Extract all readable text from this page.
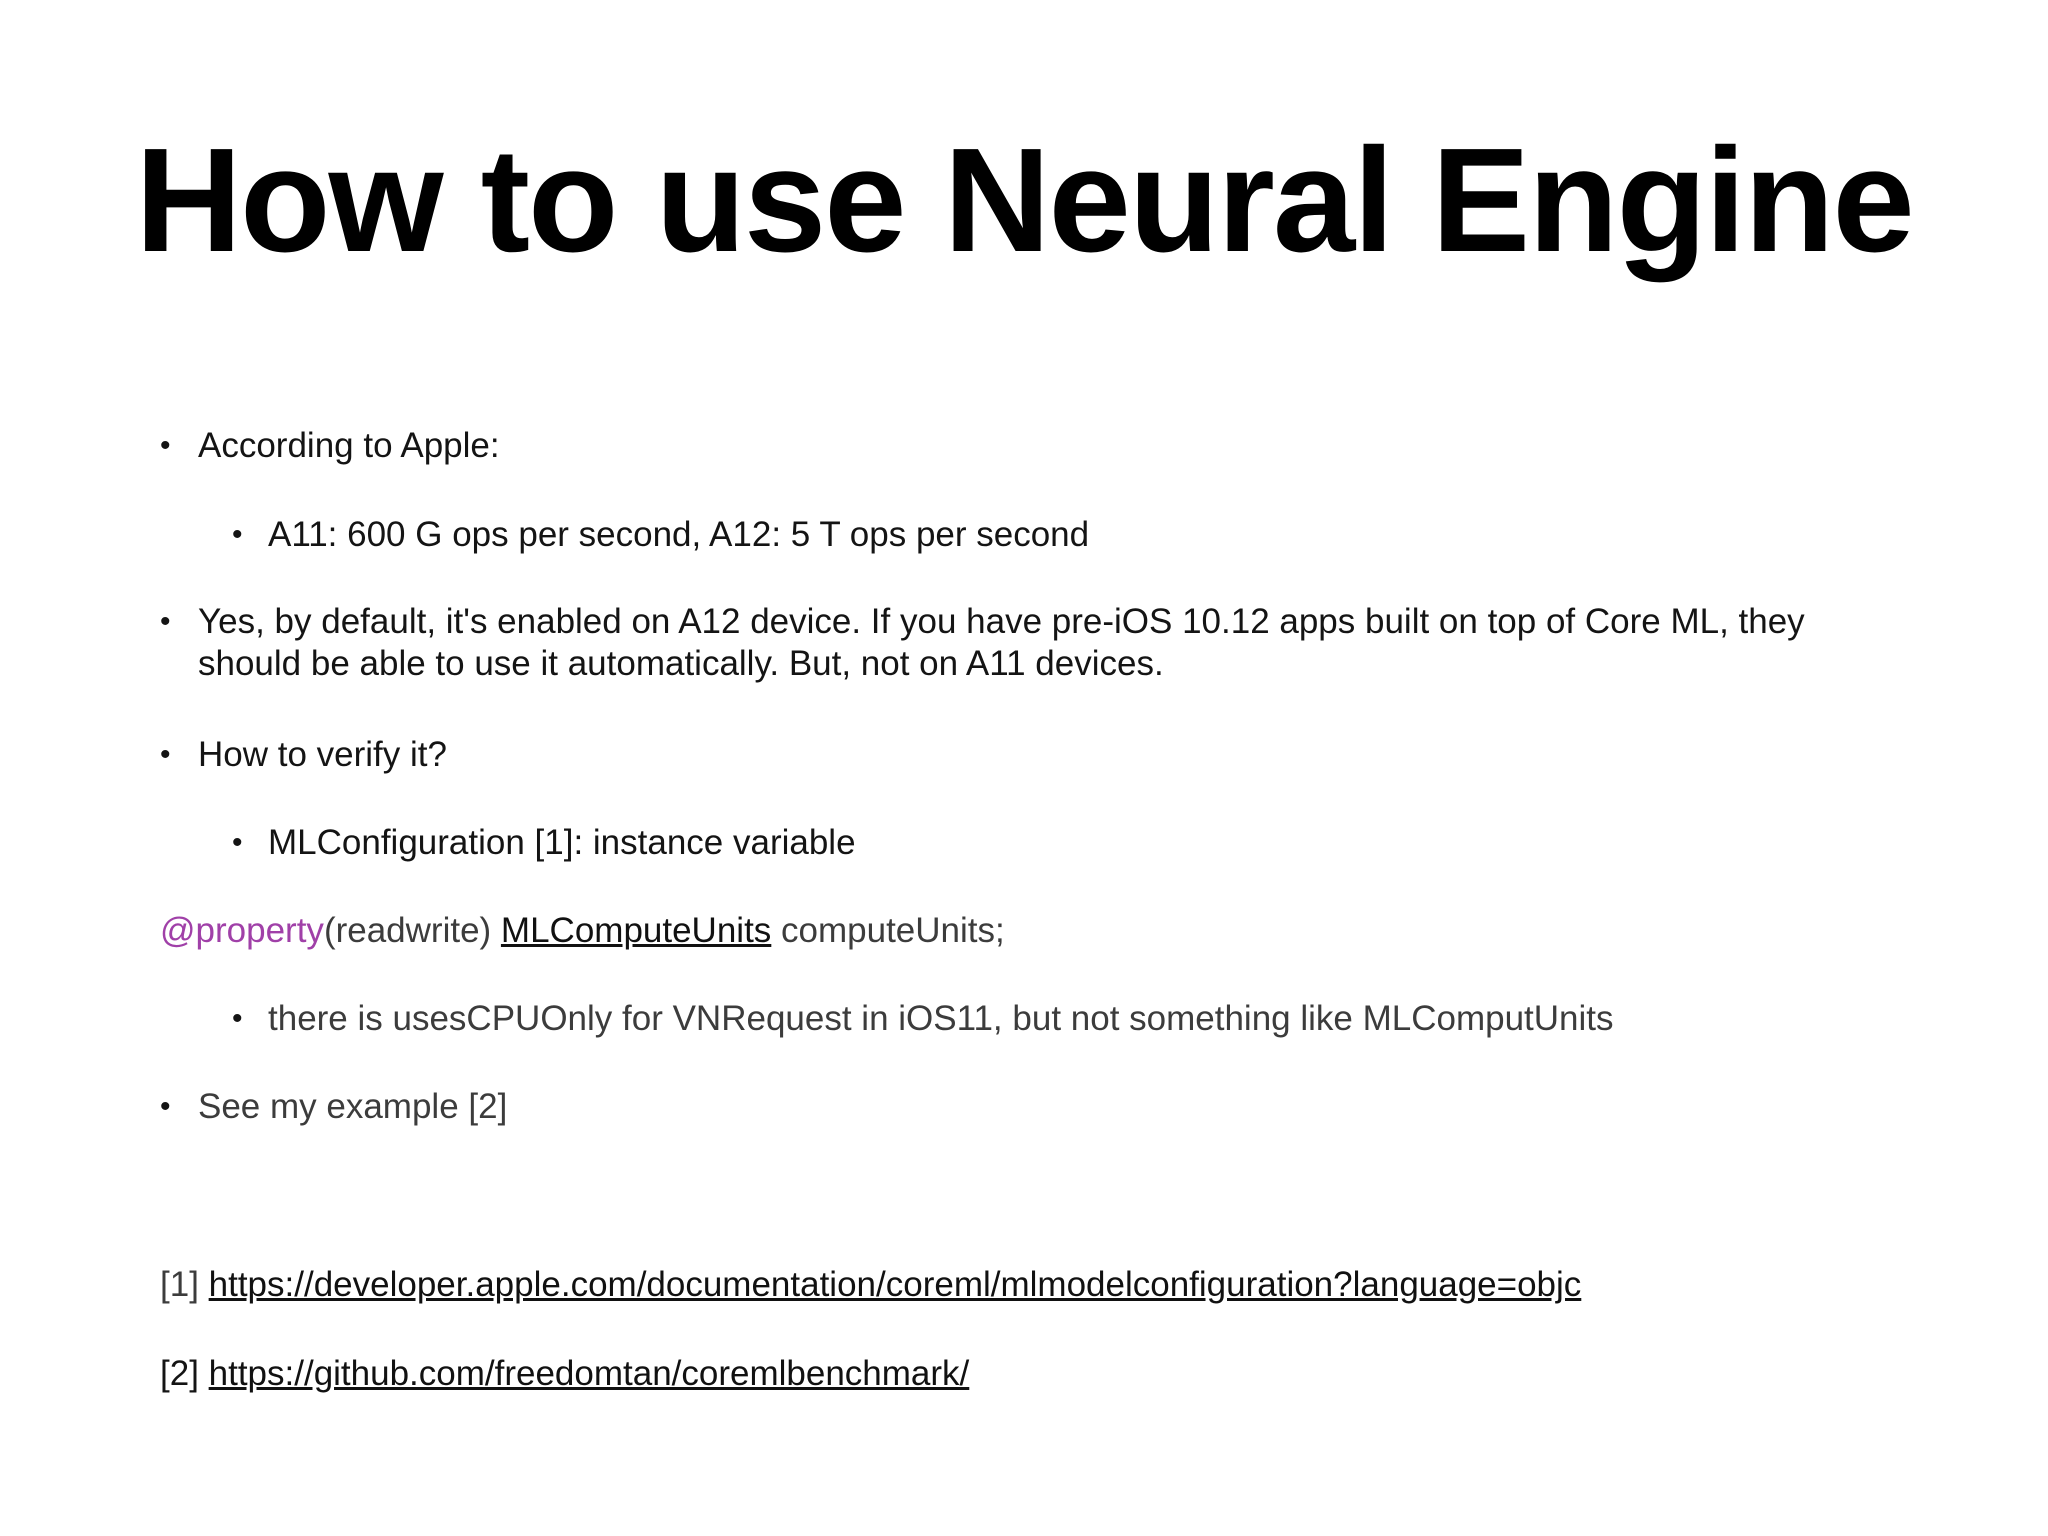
How to use Neural Engine
• According to Apple:
• A11: 600 G ops per second, A12: 5 T ops per second
• Yes, by default, it's enabled on A12 device. If you have pre-iOS 10.12 apps built on top of Core ML, they
should be able to use it automatically. But, not on A11 devices.
• How to verify it?
• MLConfiguration [1]: instance variable
@property(readwrite) MLComputeUnits computeUnits;
• there is usesCPUOnly for VNRequest in iOS11, but not something like MLComputUnits
• See my example [2]
[1] https://developer.apple.com/documentation/coreml/mlmodelconfiguration?language=objc
[2] https://github.com/freedomtan/coremlbenchmark/
